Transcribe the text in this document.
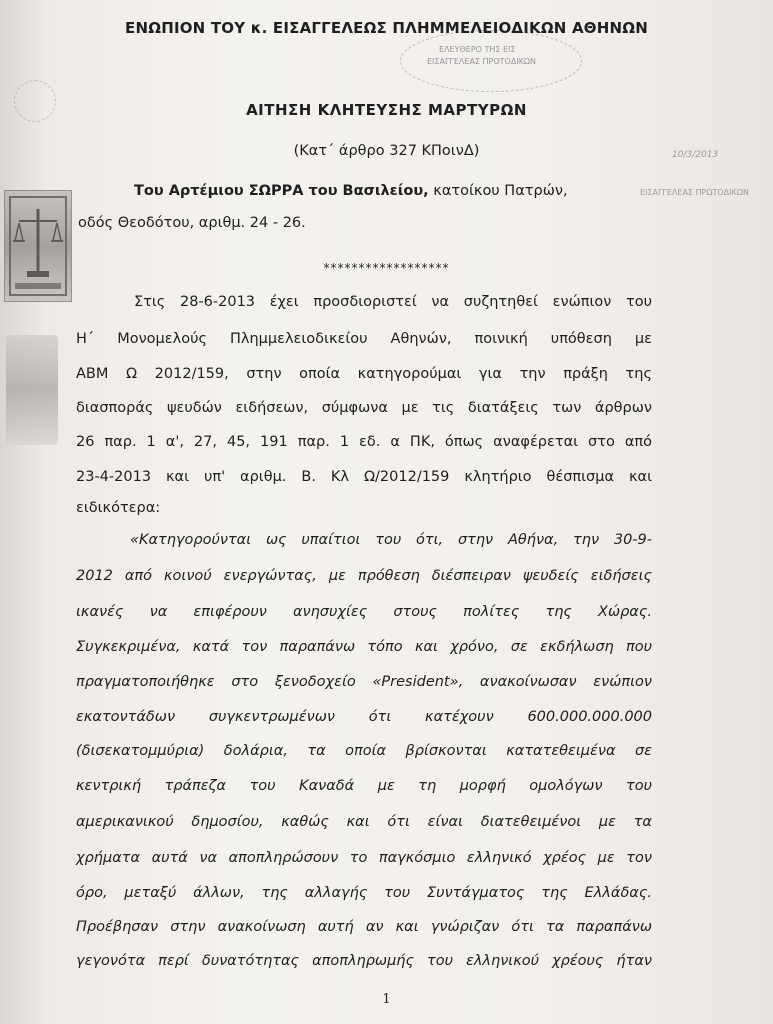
ΕΛΕΥΘΕΡΟ ΤΗΣ ΕΙΣ
ΕΙΣΑΓΓΕΛΕΑΣ ΠΡΟΤΟΔΙΚΩΝ
10/3/2013
ΕΙΣΑΓΓΕΛΕΑΣ ΠΡΩΤΟΔΙΚΩΝ
ΕΝΩΠΙΟΝ ΤΟΥ κ. ΕΙΣΑΓΓΕΛΕΩΣ ΠΛΗΜΜΕΛΕΙΟΔΙΚΩΝ ΑΘΗΝΩΝ
ΑΙΤΗΣΗ ΚΛΗΤΕΥΣΗΣ ΜΑΡΤΥΡΩΝ
(Κατ΄ άρθρο 327 ΚΠοινΔ)
Του Αρτέμιου ΣΩΡΡΑ του Βασιλείου, κατοίκου Πατρών,
οδός Θεοδότου, αριθμ. 24 - 26.
******************
Στις 28-6-2013 έχει προσδιοριστεί να συζητηθεί ενώπιον του
Η΄ Μονομελούς Πλημμελειοδικείου Αθηνών, ποινική υπόθεση με
ΑΒΜ Ω 2012/159, στην οποία κατηγορούμαι για την πράξη της
διασποράς ψευδών ειδήσεων, σύμφωνα με τις διατάξεις των άρθρων
26 παρ. 1 α', 27, 45, 191 παρ. 1 εδ. α ΠΚ, όπως αναφέρεται στο από
23-4-2013 και υπ' αριθμ. Β. Κλ Ω/2012/159 κλητήριο θέσπισμα και
ειδικότερα:
«Κατηγορούνται ως υπαίτιοι του ότι, στην Αθήνα, την 30-9-
2012 από κοινού ενεργώντας, με πρόθεση διέσπειραν ψευδείς ειδήσεις
ικανές να επιφέρουν ανησυχίες στους πολίτες της Χώρας.
Συγκεκριμένα, κατά τον παραπάνω τόπο και χρόνο, σε εκδήλωση που
πραγματοποιήθηκε στο ξενοδοχείο «President», ανακοίνωσαν ενώπιον
εκατοντάδων συγκεντρωμένων ότι κατέχουν 600.000.000.000
(δισεκατομμύρια) δολάρια, τα οποία βρίσκονται κατατεθειμένα σε
κεντρική τράπεζα του Καναδά με τη μορφή ομολόγων του
αμερικανικού δημοσίου, καθώς και ότι είναι διατεθειμένοι με τα
χρήματα αυτά να αποπληρώσουν το παγκόσμιο ελληνικό χρέος με τον
όρο, μεταξύ άλλων, της αλλαγής του Συντάγματος της Ελλάδας.
Προέβησαν στην ανακοίνωση αυτή αν και γνώριζαν ότι τα παραπάνω
γεγονότα περί δυνατότητας αποπληρωμής του ελληνικού χρέους ήταν
1
